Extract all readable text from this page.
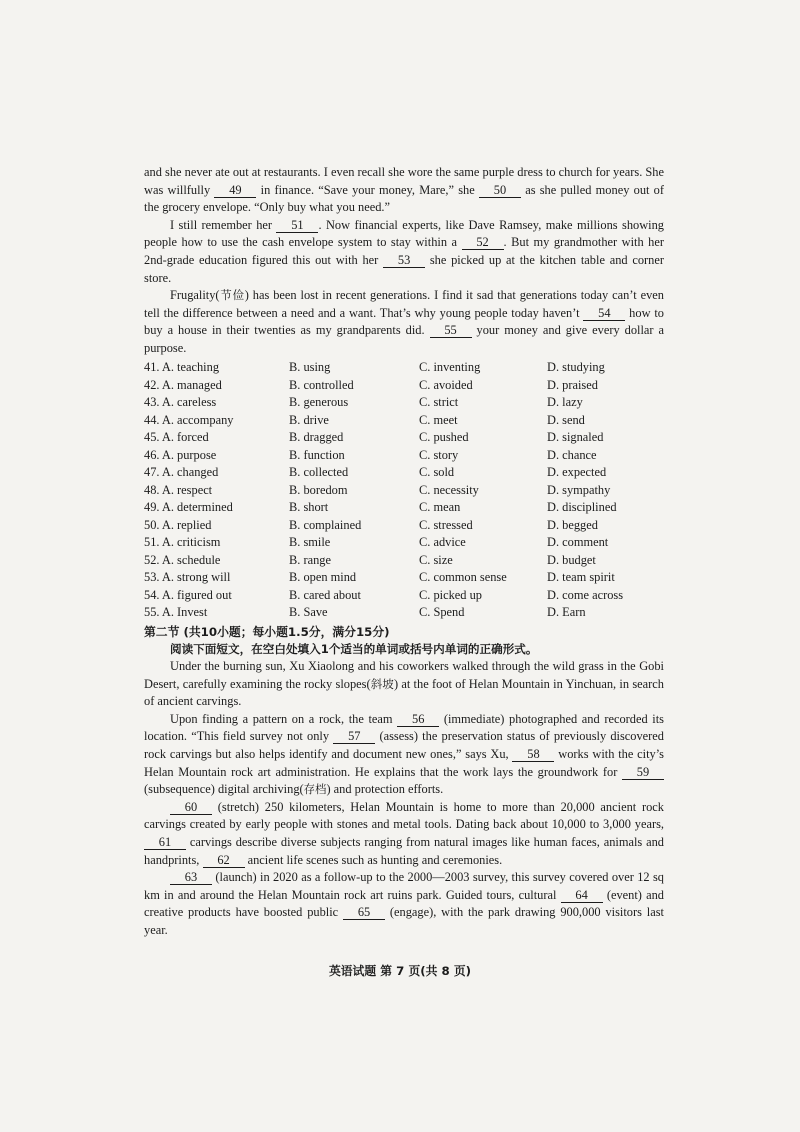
and she never ate out at restaurants. I even recall she wore the same purple dress to church for years. She was willfully 49 in finance. “Save your money, Mare,” she 50 as she pulled money out of the grocery envelope. “Only buy what you need.”

I still remember her 51 . Now financial experts, like Dave Ramsey, make millions showing people how to use the cash envelope system to stay within a 52 . But my grandmother with her 2nd-grade education figured this out with her 53 she picked up at the kitchen table and corner store.

Frugality(节俭) has been lost in recent generations. I find it sad that generations today can’t even tell the difference between a need and a want. That’s why young people today haven’t 54 how to buy a house in their twenties as my grandparents did. 55 your money and give every dollar a purpose.

41. A. teaching	B. using	C. inventing	D. studying
42. A. managed	B. controlled	C. avoided	D. praised
43. A. careless	B. generous	C. strict	D. lazy
44. A. accompany	B. drive	C. meet	D. send
45. A. forced	B. dragged	C. pushed	D. signaled
46. A. purpose	B. function	C. story	D. chance
47. A. changed	B. collected	C. sold	D. expected
48. A. respect	B. boredom	C. necessity	D. sympathy
49. A. determined	B. short	C. mean	D. disciplined
50. A. replied	B. complained	C. stressed	D. begged
51. A. criticism	B. smile	C. advice	D. comment
52. A. schedule	B. range	C. size	D. budget
53. A. strong will	B. open mind	C. common sense	D. team spirit
54. A. figured out	B. cared about	C. picked up	D. come across
55. A. Invest	B. Save	C. Spend	D. Earn
第二节 (共10小题；每小题1.5分，满分15分)
阅读下面短文，在空白处填入1个适当的单词或括号内单词的正确形式。

Under the burning sun, Xu Xiaolong and his coworkers walked through the wild grass in the Gobi Desert, carefully examining the rocky slopes(斜坡) at the foot of Helan Mountain in Yinchuan, in search of ancient carvings.

Upon finding a pattern on a rock, the team 56 (immediate) photographed and recorded its location. “This field survey not only 57 (assess) the preservation status of previously discovered rock carvings but also helps identify and document new ones,” says Xu, 58 works with the city’s Helan Mountain rock art administration. He explains that the work lays the groundwork for 59 (subsequence) digital archiving(存档) and protection efforts.

60 (stretch) 250 kilometers, Helan Mountain is home to more than 20,000 ancient rock carvings created by early people with stones and metal tools. Dating back about 10,000 to 3,000 years, 61 carvings describe diverse subjects ranging from natural images like human faces, animals and handprints, 62 ancient life scenes such as hunting and ceremonies.

63 (launch) in 2020 as a follow-up to the 2000—2003 survey, this survey covered over 12 sq km in and around the Helan Mountain rock art ruins park. Guided tours, cultural 64 (event) and creative products have boosted public 65 (engage), with the park drawing 900,000 visitors last year.

英语试题 第 7 页(共 8 页)
